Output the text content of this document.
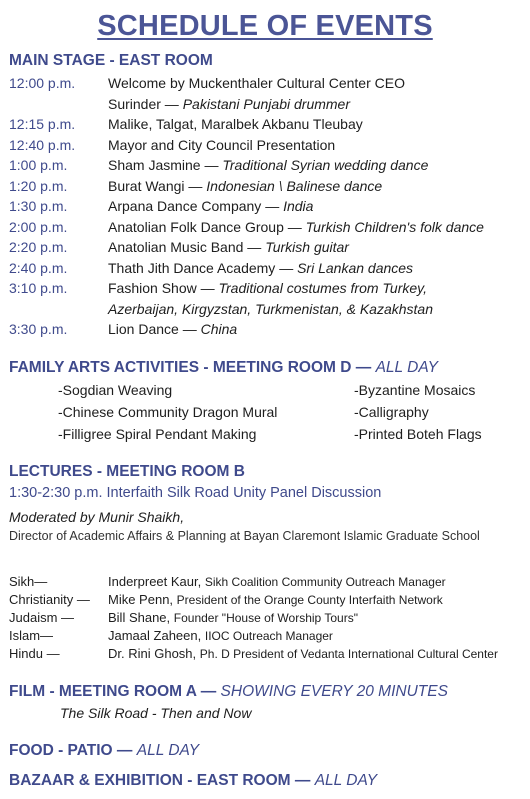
SCHEDULE OF EVENTS
MAIN STAGE - EAST ROOM
12:00 p.m. Welcome by Muckenthaler Cultural Center CEO
Surinder — Pakistani Punjabi drummer
12:15 p.m. Malike, Talgat, Maralbek Akbanu Tleubay
12:40 p.m. Mayor and City Council Presentation
1:00 p.m.	Sham Jasmine — Traditional Syrian wedding dance
1:20 p.m.	Burat Wangi — Indonesian \ Balinese dance
1:30 p.m.	Arpana Dance Company — India
2:00 p.m.	Anatolian Folk Dance Group — Turkish Children's folk dance
2:20 p.m.	Anatolian Music Band — Turkish guitar
2:40 p.m.	Thath Jith Dance Academy — Sri Lankan dances
3:10 p.m.	Fashion Show — Traditional costumes from Turkey,
Azerbaijan, Kirgyzstan, Turkmenistan, & Kazakhstan
3:30 p.m.	Lion Dance — China
FAMILY ARTS ACTIVITIES - MEETING ROOM D — ALL DAY
-Sogdian Weaving
-Chinese Community Dragon Mural
-Filligree Spiral Pendant Making
-Byzantine Mosaics
-Calligraphy
-Printed Boteh Flags
LECTURES - MEETING ROOM B
1:30-2:30 p.m. Interfaith Silk Road Unity Panel Discussion
Moderated by Munir Shaikh,
Director of Academic Affairs & Planning at Bayan Claremont Islamic Graduate School
Sikh—	Inderpreet Kaur, Sikh Coalition Community Outreach Manager
Christianity — Mike Penn, President of the Orange County Interfaith Network
Judaism —	Bill Shane, Founder "House of Worship Tours"
Islam—	Jamaal Zaheen, IIOC Outreach Manager
Hindu —	Dr. Rini Ghosh, Ph. D President of Vedanta International Cultural Center
FILM - MEETING ROOM A — SHOWING EVERY 20 MINUTES
The Silk Road - Then and Now
FOOD - PATIO — ALL DAY
BAZAAR & EXHIBITION - EAST ROOM — ALL DAY
